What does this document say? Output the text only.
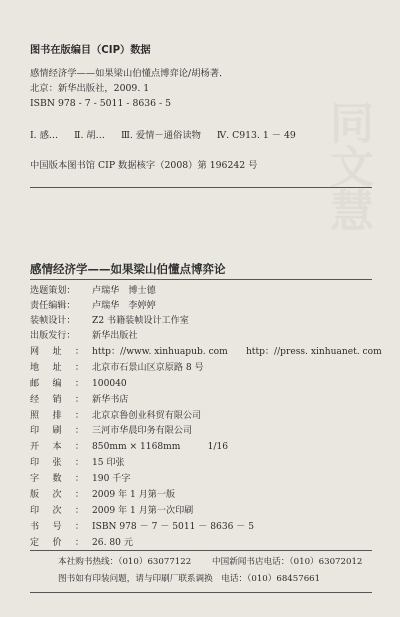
同文慧
图书在版编目（CIP）数据
感情经济学——如果梁山伯懂点博弈论/胡杨著．
北京：新华出版社，2009. 1
ISBN 978 - 7 - 5011 - 8636 - 5
Ⅰ. 感… Ⅱ. 胡… Ⅲ. 爱情－通俗读物 Ⅳ. C913. 1 － 49
中国版本图书馆 CIP 数据核字（2008）第 196242 号
感情经济学——如果梁山伯懂点博弈论
选题策划： 卢瑞华　博士德
责任编辑： 卢瑞华　李婷婷
装帧设计： Z2 书籍装帧设计工作室
出版发行： 新华出版社
网址： http：//www. xinhuapub. com　　http：//press. xinhuanet. com
地址： 北京市石景山区京原路 8 号
邮编： 100040
经销： 新华书店
照排： 北京京鲁创业科贸有限公司
印刷： 三河市华晨印务有限公司
开本： 850mm × 1168mm　　　1/16
印张： 15 印张
字数： 190 千字
版次： 2009 年 1 月第一版
印次： 2009 年 1 月第一次印刷
书号： ISBN 978 － 7 － 5011 － 8636 － 5
定价： 26. 80 元
本社购书热线：（010）63077122 中国新闻书店电话：（010）63072012
图书如有印装问题，请与印刷厂联系调换　电话：（010）68457661
